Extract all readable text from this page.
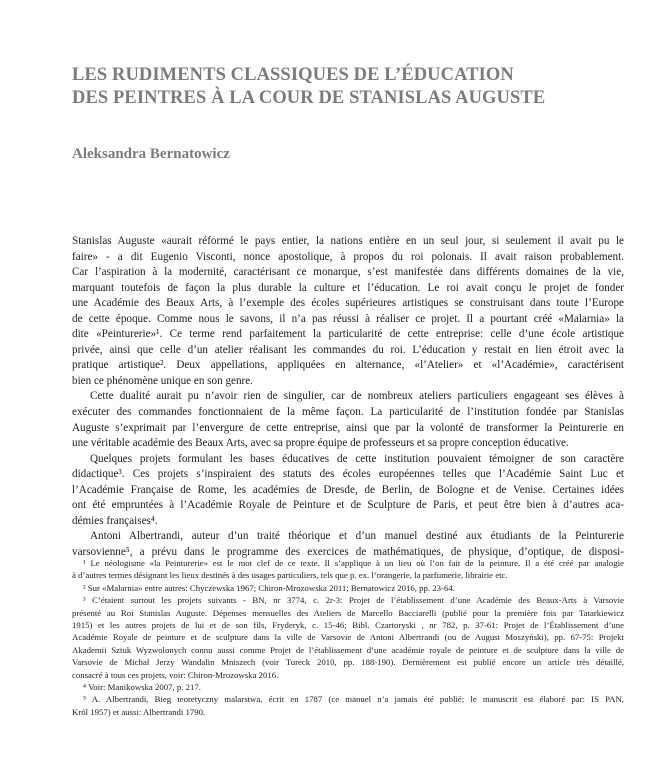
LES RUDIMENTS CLASSIQUES DE L’ÉDUCATION
DES PEINTRES À LA COUR DE STANISLAS AUGUSTE
Aleksandra Bernatowicz
Stanislas Auguste «aurait réformé le pays entier, la nations entière en un seul jour, si seulement il avait pu le
faire» - a dit Eugenio Visconti, nonce apostolique, à propos du roi polonais. Il avait raison probablement.
Car l’aspiration à la modernité, caractérisant ce monarque, s’est manifestée dans différents domaines de la vie,
marquant toutefois de façon la plus durable la culture et l’éducation. Le roi avait conçu le projet de fonder
une Académie des Beaux Arts, à l’exemple des écoles supérieures artistiques se construisant dans toute l’Europe
de cette époque. Comme nous le savons, il n’a pas réussi à réaliser ce projet. Il a pourtant créé «Malarnia» la
dite «Peinturerie»¹. Ce terme rend parfaitement la particularité de cette entreprise: celle d’une école artistique
privée, ainsi que celle d’un atelier réalisant les commandes du roi. L’éducation y restait en lien étroit avec la
pratique artistique². Deux appellations, appliquées en alternance, «l’Atelier» et «l’Académie», caractérisent
bien ce phénomène unique en son genre.
Cette dualité aurait pu n’avoir rien de singulier, car de nombreux ateliers particuliers engageant ses élèves à
exécuter des commandes fonctionnaient de la même façon. La particularité de l’institution fondée par Stanislas
Auguste s’exprimait par l’envergure de cette entreprise, ainsi que par la volonté de transformer la Peinturerie en
une véritable académie des Beaux Arts, avec sa propre équipe de professeurs et sa propre conception éducative.
Quelques projets formulant les bases éducatives de cette institution pouvaient témoigner de son caractère
didactique³. Ces projets s’inspiraient des statuts des écoles européennes telles que l’Académie Saint Luc et
l’Académie Française de Rome, les académies de Dresde, de Berlin, de Bologne et de Venise. Certaines idées
ont été empruntées à l’Académie Royale de Peinture et de Sculpture de Paris, et peut être bien à d’autres aca-
démies françaises⁴.
Antoni Albertrandi, auteur d’un traité théorique et d’un manuel destiné aux étudiants de la Peinturerie
varsovienne⁵, a prévu dans le programme des exercices de mathématiques, de physique, d’optique, de disposi-
¹ Le néologisme «la Peinturerie» est le mot clef de ce texte. Il s’applique à un lieu où l’on fait de la peinture. Il a été créé par analogie
à d’autres termes désignant les lieux destinés à des usages particuliers, tels que p. ex. l’orangerie, la parfumerie, librairie etc.
² Sur «Malarnia» entre autres: Chyczewska 1967; Chiron-Mrozowska 2011; Bernatowicz 2016, pp. 23-64.
³ C’étaient surtout les projets suivants - BN, nr 3774, c. 2r-3: Projet de l’établissement d’une Académie des Beaux-Arts à Varsovie
présenté au Roi Stanislas Auguste. Dépenses mensuelles des Ateliers de Marcello Bacciarelli (publié pour la première fois par Tatarkiewicz
1915) et les autres projets de lui et de son fils, Fryderyk, c. 15-46; Bibl. Czartoryski , nr 782, p. 37-61: Projet de l’Établissement d’une
Académie Royale de peinture et de sculpture dans la ville de Varsovie de Antoni Albertrandi (ou de August Moszyński), pp. 67-75: Projekt
Akademii Sztuk Wyzwolonych connu aussi comme Projet de l’établissement d’une académie royale de peinture et de sculpture dans la ville de
Varsovie de Michał Jerzy Wandalin Mniszech (voir Tureck 2010, pp. 188-190). Dernièrement est publié encore un article très détaillé,
consacré à tous ces projets, voir: Chiron-Mrozowska 2016.
⁴ Voir: Manikowska 2007, p. 217.
⁵ A. Albertrandi, Bieg teoretyczny malarstwa, écrit en 1787 (ce manuel n’a jamais été publié; le manuscrit est élaboré par: IS PAN,
Król 1957) et aussi: Albertrandi 1790.
